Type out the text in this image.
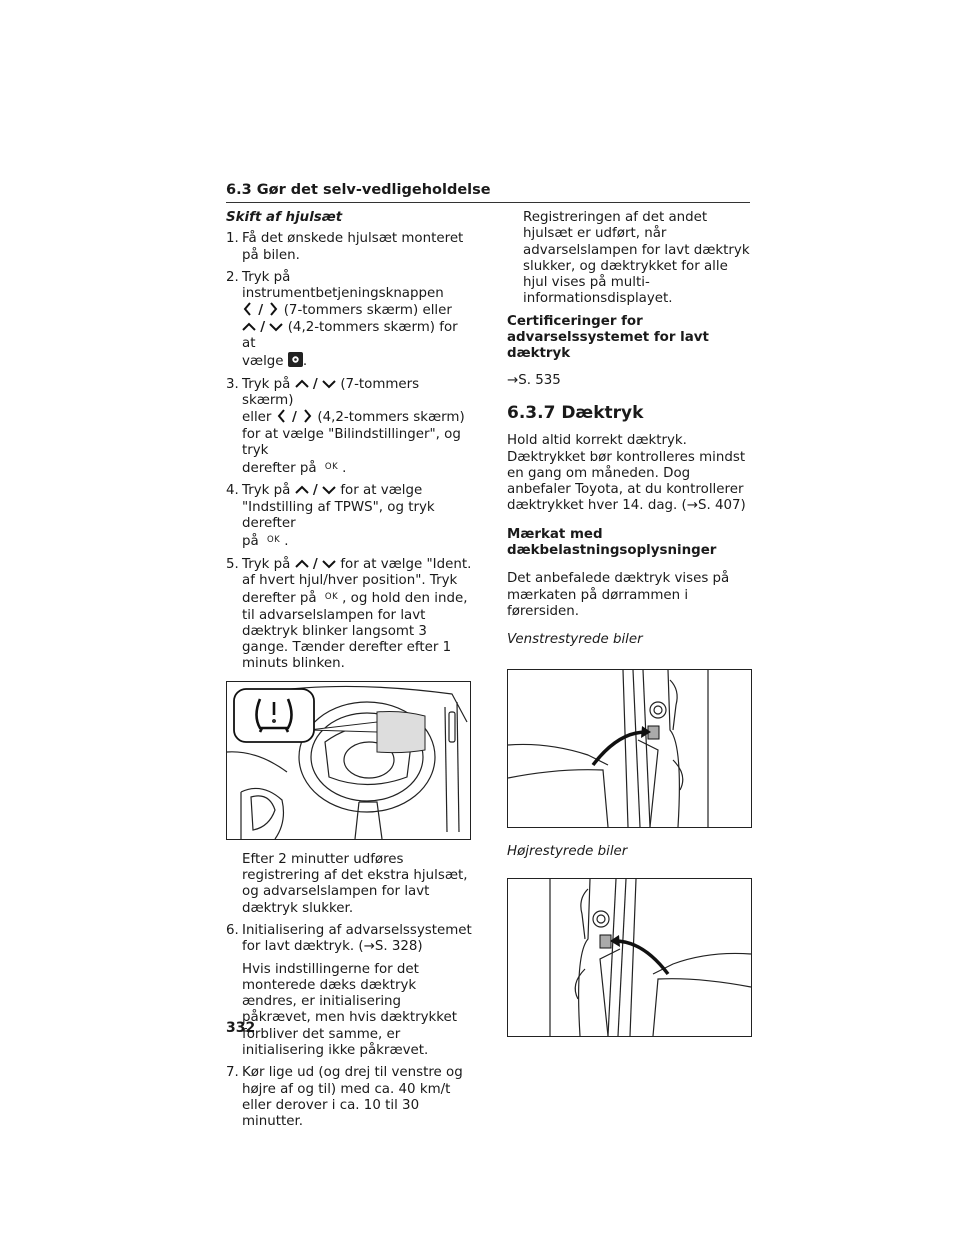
6.3 Gør det selv-vedligeholdelse
Skift af hjulsæt
1. Få det ønskede hjulsæt monteret på bilen.
2. Tryk på instrumentbetjeningsknappen
/ (7-tommers skærm) eller
/ (4,2-tommers skærm) for at
vælge .
3. Tryk på / (7-tommers skærm)
eller / (4,2-tommers skærm)
for at vælge "Bilindstillinger", og tryk
derefter på $^{OK}$ .
4. Tryk på / for at vælge
"Indstilling af TPWS", og tryk derefter
på $^{OK}$ .
5. Tryk på / for at vælge "Ident.
af hvert hjul/hver position". Tryk
derefter på $^{OK}$ , og hold den inde, til advarselslampen for lavt dæktryk blinker langsomt 3 gange. Tænder derefter efter 1 minuts blinken.
Efter 2 minutter udføres registrering af det ekstra hjulsæt, og advarselslampen for lavt dæktryk slukker.
6. Initialisering af advarselssystemet for lavt dæktryk. (→S. 328)
Hvis indstillingerne for det monterede dæks dæktryk ændres, er initialisering påkrævet, men hvis dæktrykket forbliver det samme, er initialisering ikke påkrævet.
7. Kør lige ud (og drej til venstre og højre af og til) med ca. 40 km/t eller derover i ca. 10 til 30 minutter.
Registreringen af det andet hjulsæt er udført, når advarselslampen for lavt dæktryk slukker, og dæktrykket for alle hjul vises på multi-informationsdisplayet.
Certificeringer for advarselssystemet for lavt dæktryk
→S. 535
6.3.7 Dæktryk
Hold altid korrekt dæktryk. Dæktrykket bør kontrolleres mindst en gang om måneden. Dog anbefaler Toyota, at du kontrollerer dæktrykket hver 14. dag. (→S. 407)
Mærkat med dækbelastningsoplysninger
Det anbefalede dæktryk vises på mærkaten på dørrammen i førersiden.
Venstrestyrede biler
Højrestyrede biler
332
